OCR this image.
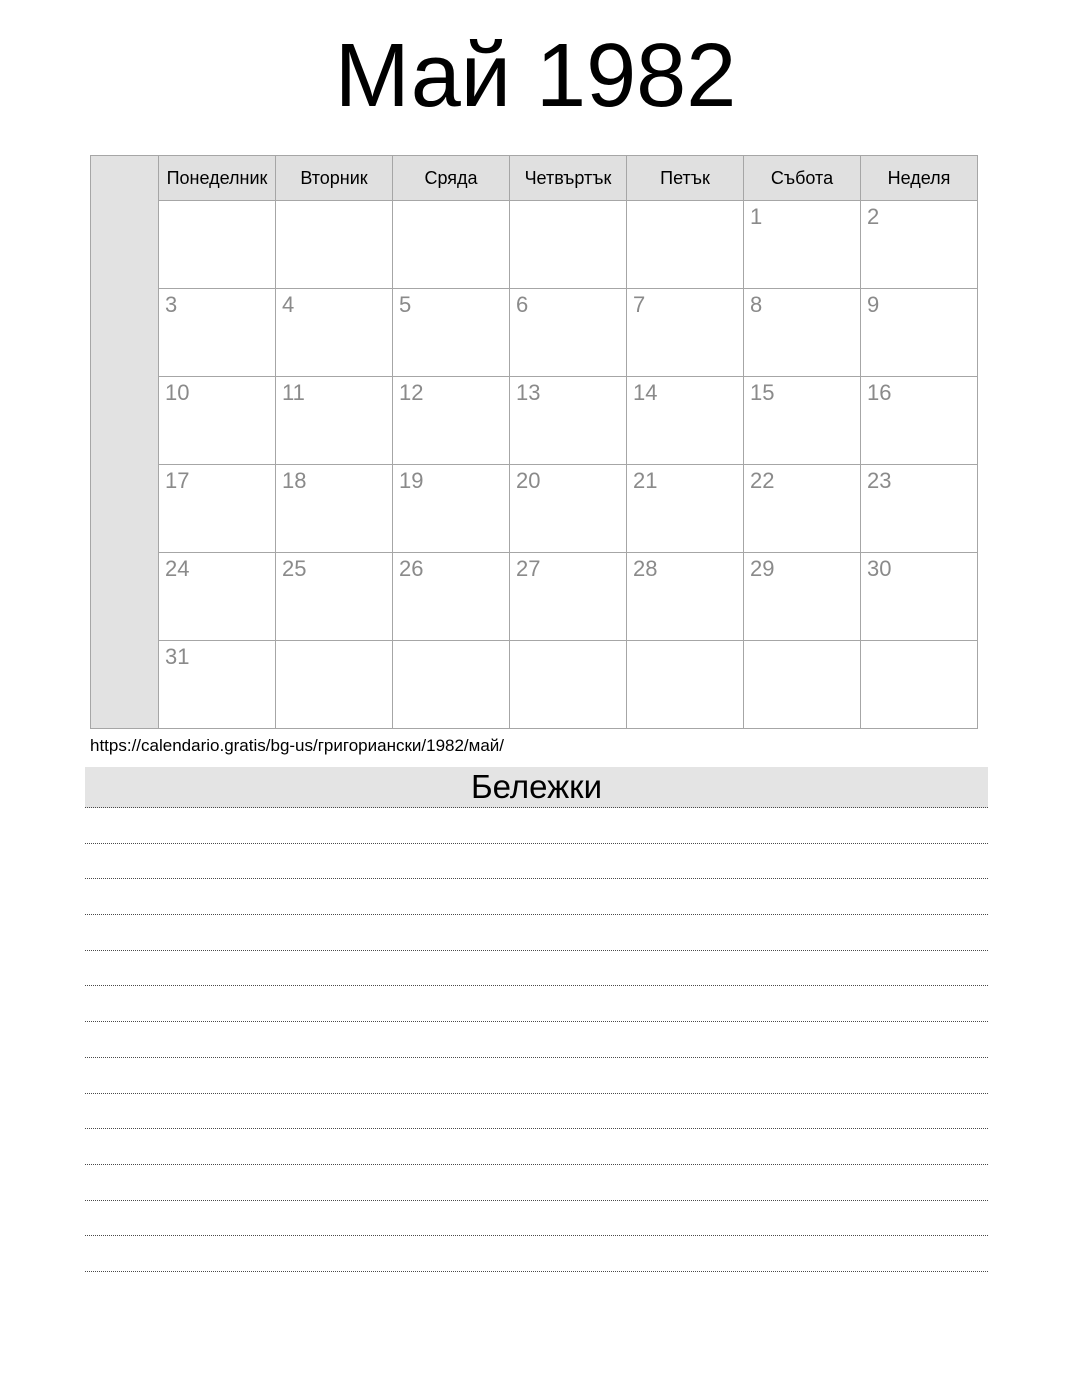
Май 1982
	Понеделник	Вторник	Сряда	Четвъртък	Петък	Събота	Неделя
						1	2
	3	4	5	6	7	8	9
	10	11	12	13	14	15	16
	17	18	19	20	21	22	23
	24	25	26	27	28	29	30
	31						

https://calendario.gratis/bg-us/григориански/1982/май/

Бележки
